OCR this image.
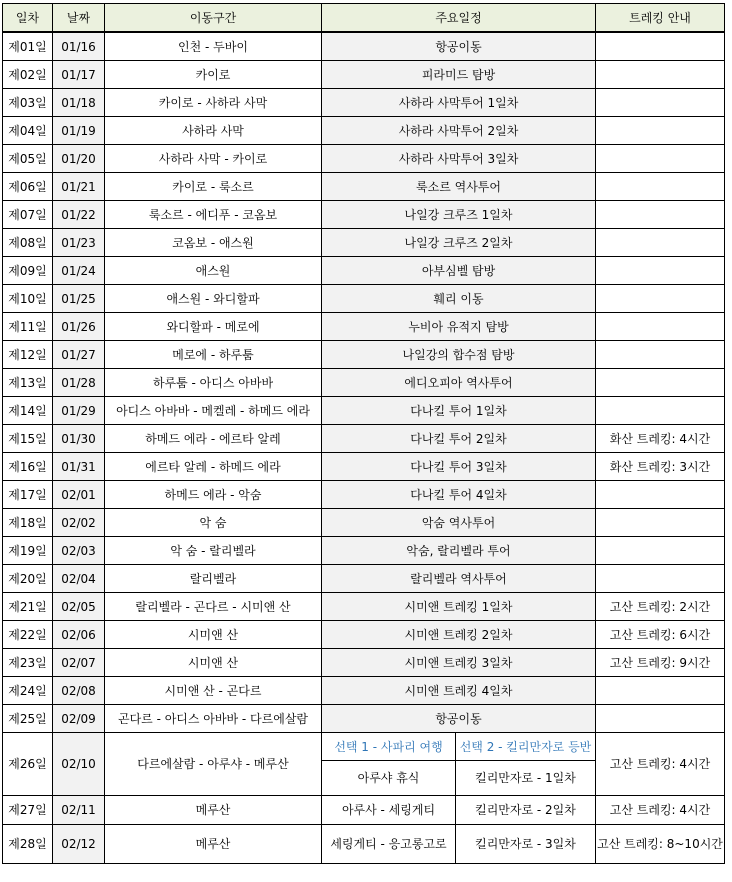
일차	날짜	이동구간	주요일정		트레킹 안내
제01일	01/16	인천 - 두바이	항공이동		
제02일	01/17	카이로	피라미드 탐방		
제03일	01/18	카이로 - 사하라 사막	사하라 사막투어 1일차		
제04일	01/19	사하라 사막	사하라 사막투어 2일차		
제05일	01/20	사하라 사막 - 카이로	사하라 사막투어 3일차		
제06일	01/21	카이로 - 룩소르	룩소르 역사투어		
제07일	01/22	룩소르 - 에디푸 - 코옴보	나일강 크루즈 1일차		
제08일	01/23	코옴보 - 애스원	나일강 크루즈 2일차		
제09일	01/24	애스원	아부심벨 탐방		
제10일	01/25	애스원 - 와디할파	훼리 이동		
제11일	01/26	와디할파 - 메로에	누비아 유적지 탐방		
제12일	01/27	메로에 - 하루툼	나일강의 합수점 탐방		
제13일	01/28	하루툼 - 아디스 아바바	에디오피아 역사투어		
제14일	01/29	아디스 아바바 - 메켈레 - 하메드 에라	다나킬 투어 1일차		
제15일	01/30	하메드 에라 - 에르타 알레	다나킬 투어 2일차		화산 트레킹: 4시간
제16일	01/31	에르타 알레 - 하메드 에라	다나킬 투어 3일차		화산 트레킹: 3시간
제17일	02/01	하메드 에라 - 악숨	다나킬 투어 4일차		
제18일	02/02	악 숨	악숨 역사투어		
제19일	02/03	악 숨 - 랄리벨라	악숨, 랄리벨라 투어		
제20일	02/04	랄리벨라	랄리벨라 역사투어		
제21일	02/05	랄리벨라 - 곤다르 - 시미앤 산	시미앤 트레킹 1일차		고산 트레킹: 2시간
제22일	02/06	시미앤 산	시미앤 트레킹 2일차		고산 트레킹: 6시간
제23일	02/07	시미앤 산	시미앤 트레킹 3일차		고산 트레킹: 9시간
제24일	02/08	시미앤 산 - 곤다르	시미앤 트레킹 4일차		
제25일	02/09	곤다르 - 아디스 아바바 - 다르에살람	항공이동		
제26일	02/10	다르에살람 - 아루샤 - 메루산	선택 1 - 사파리 여행	선택 2 - 킬리만자로 등반	고산 트레킹: 4시간
			아루샤 휴식	킬리만자로 - 1일차	
제27일	02/11	메루산	아루사 - 세링게티	킬리만자로 - 2일차	고산 트레킹: 4시간
제28일	02/12	메루산	세링게티 - 응고롱고로	킬리만자로 - 3일차	고산 트레킹: 8~10시간
